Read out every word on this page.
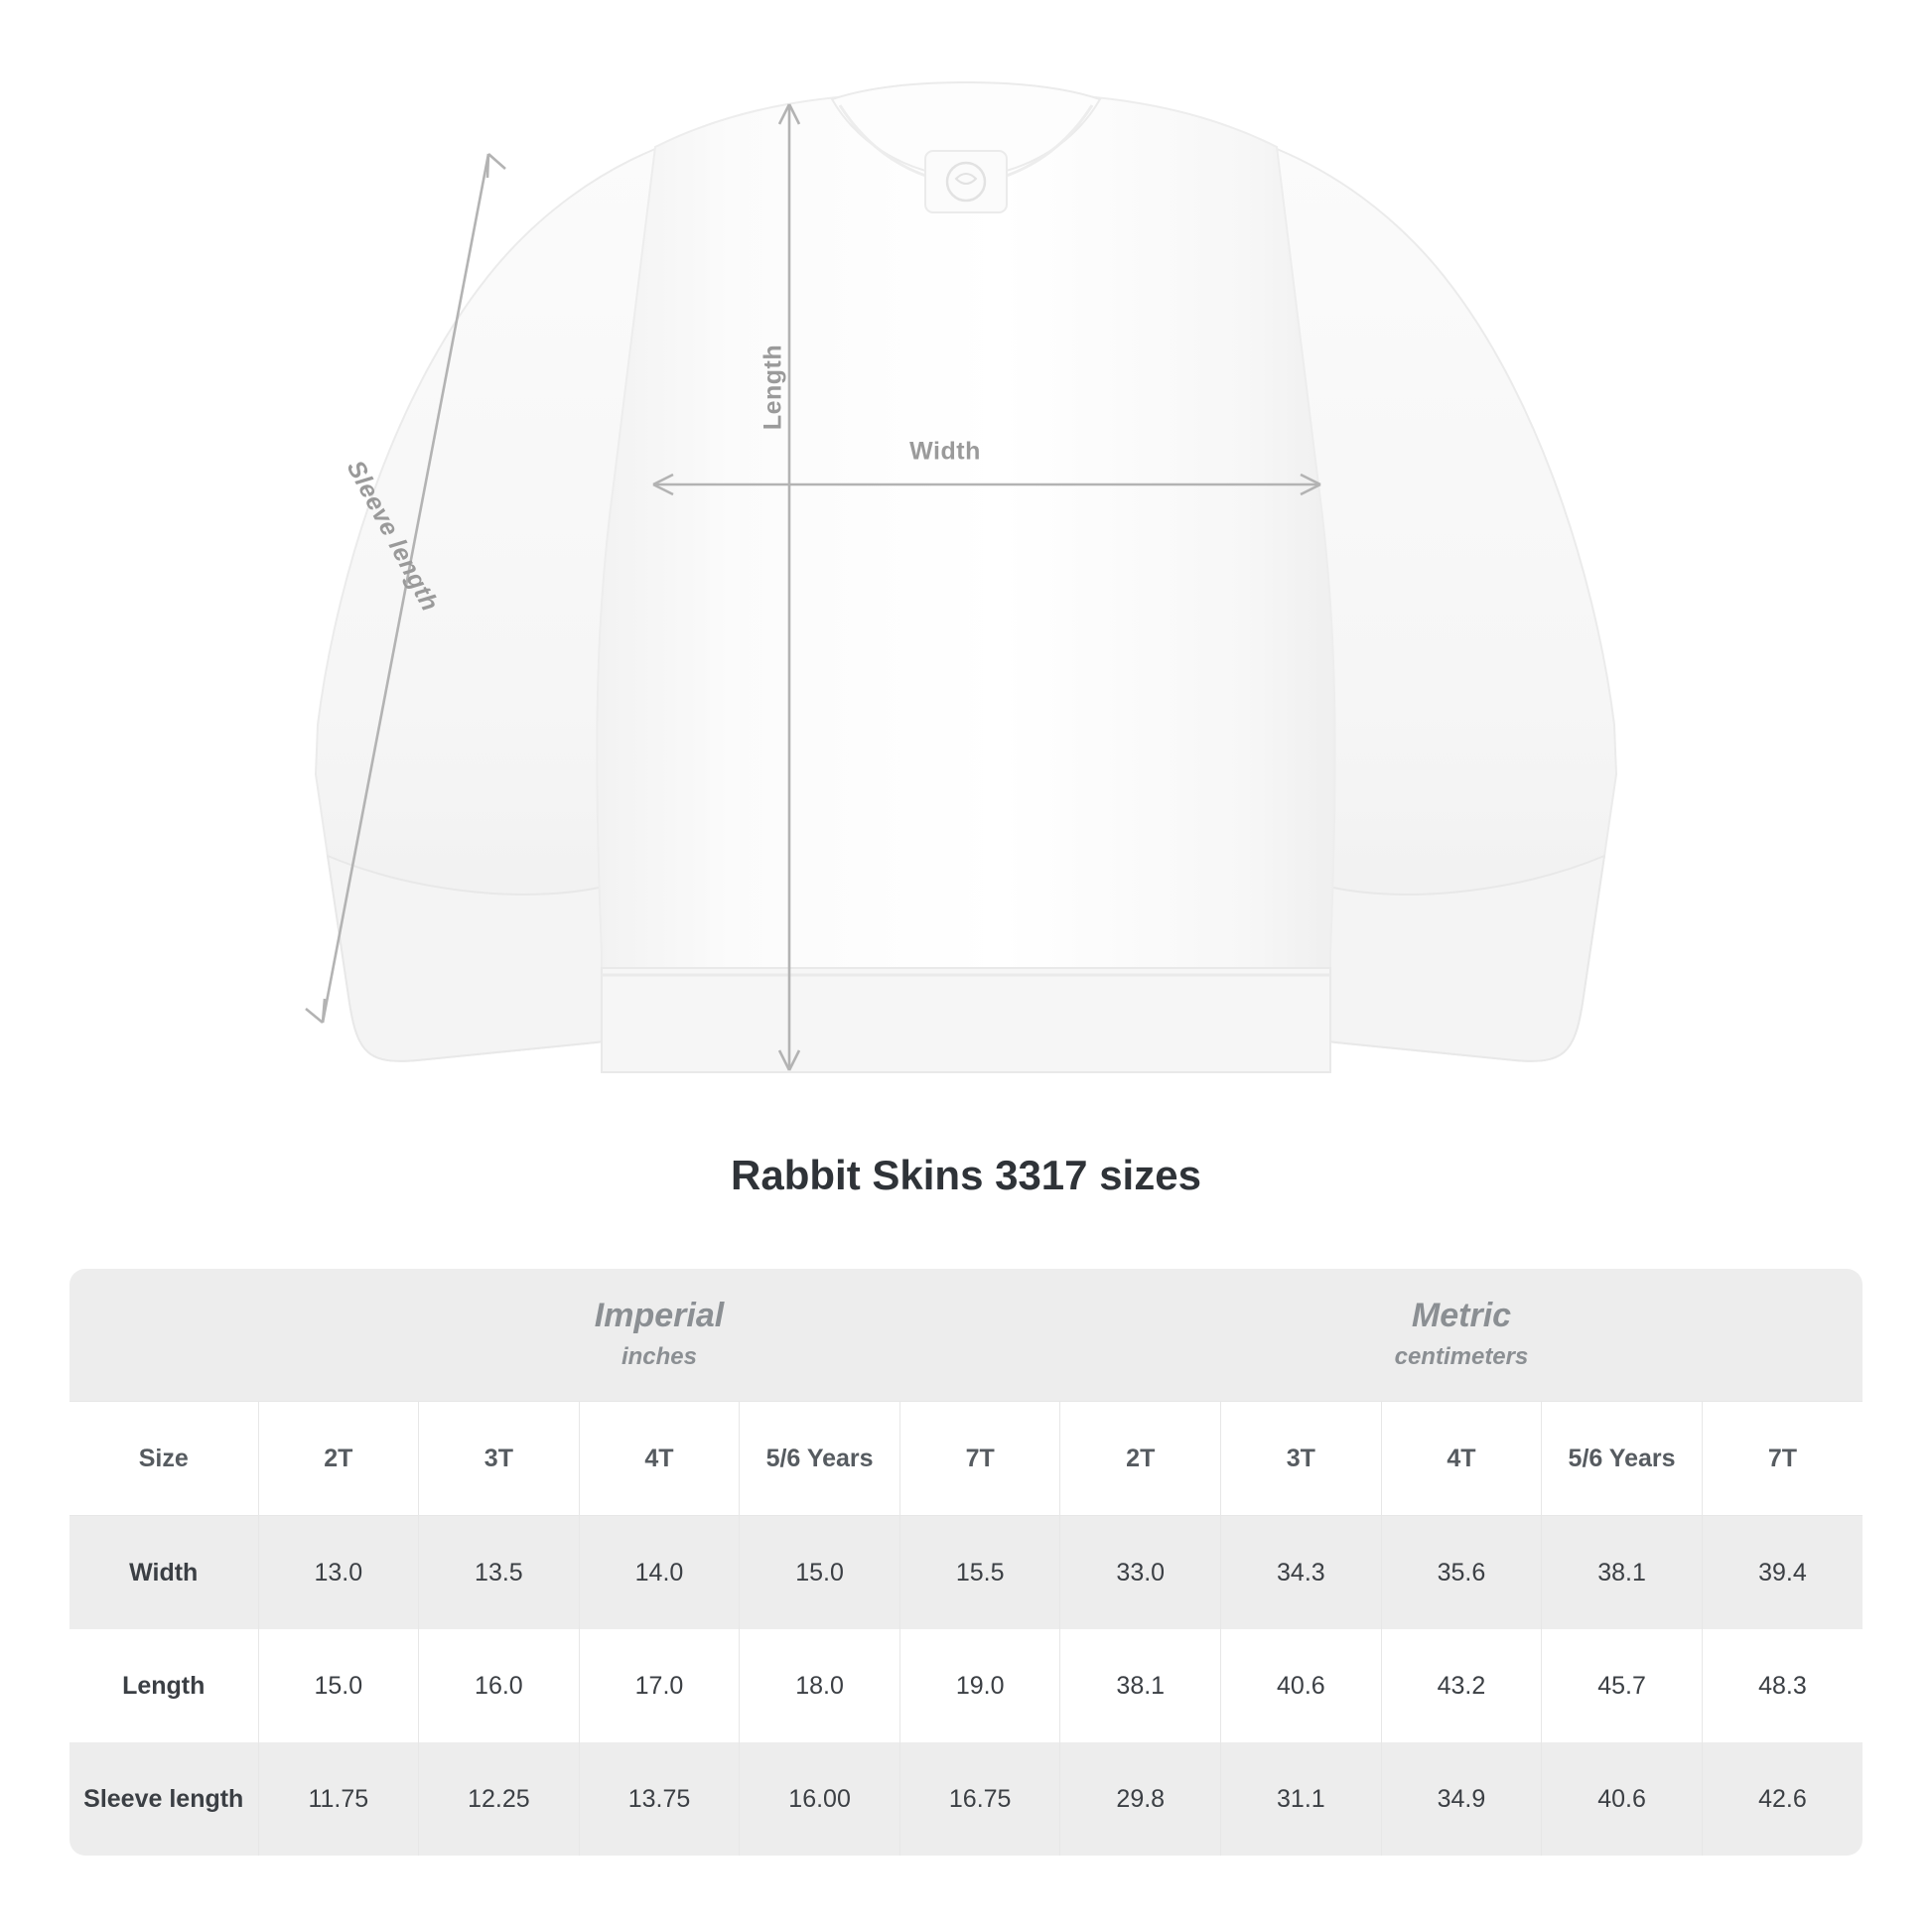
Width
Length
Sleeve length
Rabbit Skins 3317 sizes

Imperial
inches

Metric
centimeters

Size	2T	3T	4T	5/6 Years	7T	2T	3T	4T	5/6 Years	7T
Width	13.0	13.5	14.0	15.0	15.5	33.0	34.3	35.6	38.1	39.4
Length	15.0	16.0	17.0	18.0	19.0	38.1	40.6	43.2	45.7	48.3
Sleeve length	11.75	12.25	13.75	16.00	16.75	29.8	31.1	34.9	40.6	42.6
